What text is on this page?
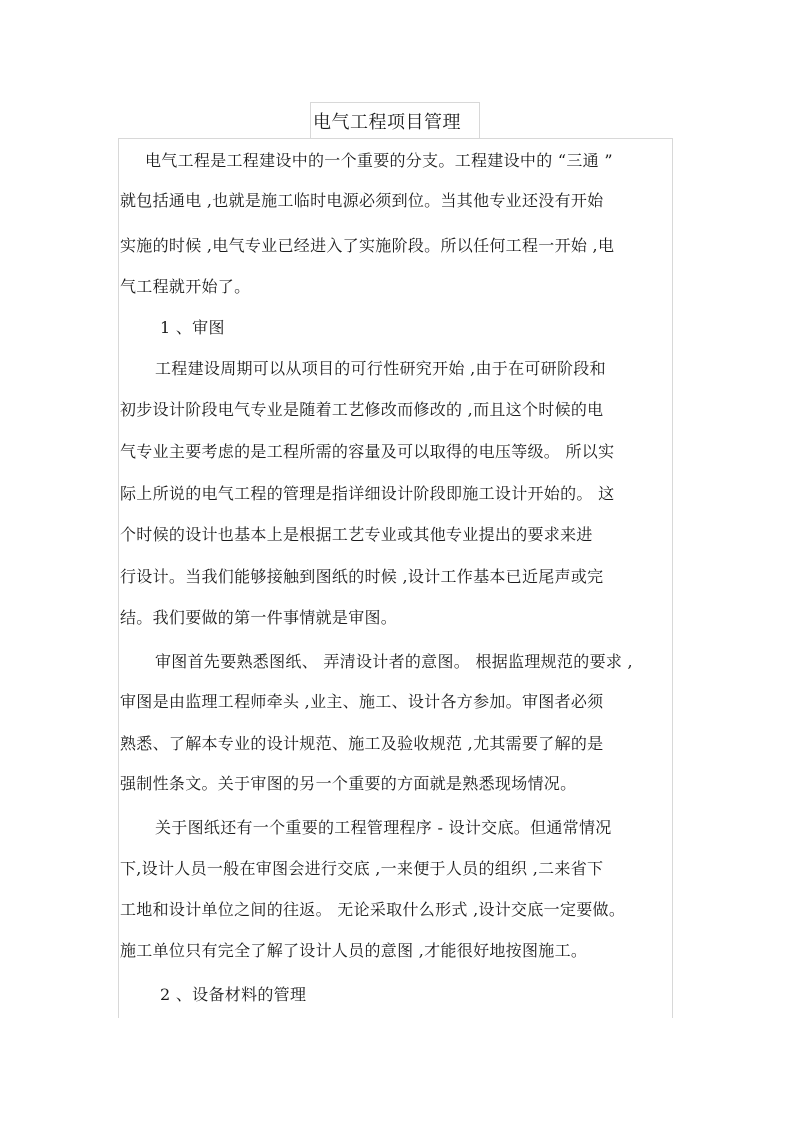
电气工程项目管理
电气工程是工程建设中的一个重要的分支。工程建设中的 “三通 ”
就包括通电 ,也就是施工临时电源必须到位。当其他专业还没有开始
实施的时候 ,电气专业已经进入了实施阶段。所以任何工程一开始 ,电
气工程就开始了。
1 、审图
工程建设周期可以从项目的可行性研究开始 ,由于在可研阶段和
初步设计阶段电气专业是随着工艺修改而修改的 ,而且这个时候的电
气专业主要考虑的是工程所需的容量及可以取得的电压等级。 所以实
际上所说的电气工程的管理是指详细设计阶段即施工设计开始的。 这
个时候的设计也基本上是根据工艺专业或其他专业提出的要求来进
行设计。当我们能够接触到图纸的时候 ,设计工作基本已近尾声或完
结。我们要做的第一件事情就是审图。
审图首先要熟悉图纸、 弄清设计者的意图。 根据监理规范的要求 ,
审图是由监理工程师牵头 ,业主、施工、设计各方参加。审图者必须
熟悉、了解本专业的设计规范、施工及验收规范 ,尤其需要了解的是
强制性条文。关于审图的另一个重要的方面就是熟悉现场情况。
关于图纸还有一个重要的工程管理程序 - 设计交底。但通常情况
下,设计人员一般在审图会进行交底 ,一来便于人员的组织 ,二来省下
工地和设计单位之间的往返。 无论采取什么形式 ,设计交底一定要做。
施工单位只有完全了解了设计人员的意图 ,才能很好地按图施工。
2 、设备材料的管理
